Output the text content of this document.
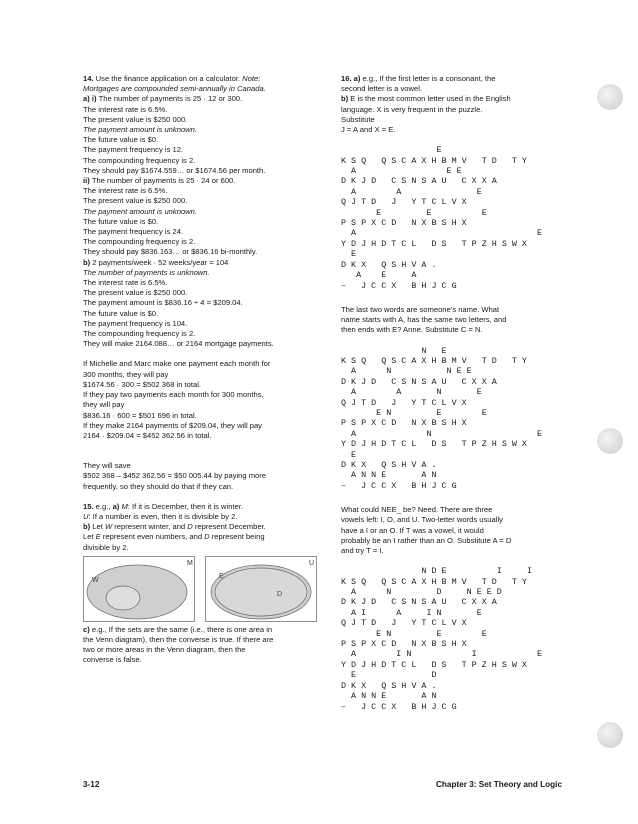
14. Use the finance application on a calculator. Note:
Mortgages are compounded semi-annually in Canada.
a) i) The number of payments is 25 · 12 or 300.
The interest rate is 6.5%.
The present value is $250 000.
The payment amount is unknown.
The future value is $0.
The payment frequency is 12.
The compounding frequency is 2.
They should pay $1674.559… or $1674.56 per month.
ii) The number of payments is 25 · 24 or 600.
The interest rate is 6.5%.
The present value is $250 000.
The payment amount is unknown.
The future value is $0.
The payment frequency is 24.
The compounding frequency is 2.
They should pay $836.163… or $836.16 bi-monthly.
b) 2 payments/week · 52 weeks/year = 104
The number of payments is unknown.
The interest rate is 6.5%.
The present value is $250 000.
The payment amount is $836.16 ÷ 4 = $209.04.
The future value is $0.
The payment frequency is 104.
The compounding frequency is 2.
They will make 2164.088… or 2164 mortgage payments.
If Michelle and Marc make one payment each month for
300 months, they will pay
$1674.56 · 300 = $502 368 in total.
If they pay two payments each month for 300 months,
they will pay
$836.16 · 600 = $501 696 in total.
If they make 2164 payments of $209.04, they will pay
2164 · $209.04 = $452 362.56 in total.
They will save
$502 368 – $452 362.56 = $50 005.44 by paying more
frequently, so they should do that if they can.
15. e.g., a) M: If it is December, then it is winter.
U: If a number is even, then it is divisible by 2.
b) Let W represent winter, and D represent December.
Let E represent even numbers, and D represent being
divisible by 2.
M
W
U
E
D
c) e.g., If the sets are the same (i.e., there is one area in
the Venn diagram), then the converse is true. If there are
two or more areas in the Venn diagram, then the
converse is false.
16. a) e.g., If the first letter is a consonant, the
second letter is a vowel.
b) E is the most common letter used in the English
language. X is very frequent in the puzzle.
Substitute
J = A and X = E.
E
K S Q   Q S C A X H B M V   T D   T Y
A                  E E
D K J D   C S N S A U   C X X A
A        A               E
Q J T D   J   Y T C L V X
E         E          E
P S P X C D   N X B S H X
A                                    E
Y D J H D T C L   D S   T P Z H S W X
E
D K X   Q S H V A .
A    E     A
–   J C C X   B H J C G
The last two words are someone’s name. What
name starts with A, has the same two letters, and
then ends with E? Anne. Substitute C = N.
N   E
K S Q   Q S C A X H B M V   T D   T Y
A      N           N E E
D K J D   C S N S A U   C X X A
A        A       N       E
Q J T D   J   Y T C L V X
E N         E        E
P S P X C D   N X B S H X
A              N                     E
Y D J H D T C L   D S   T P Z H S W X
E
D K X   Q S H V A .
A N N E       A N
–   J C C X   B H J C G
What could NEE_ be? Need. There are three
vowels left: I, O, and U. Two-letter words usually
have a I or an O. If T was a vowel, it would
probably be an I rather than an O. Substitute A = D
and try T = I.
N D E          I     I
K S Q   Q S C A X H B M V   T D   T Y
A      N         D     N E E D
D K J D   C S N S A U   C X X A
A I      A     I N       E
Q J T D   J   Y T C L V X
E N         E        E
P S P X C D   N X B S H X
A        I N            I            E
Y D J H D T C L   D S   T P Z H S W X
E               D
D K X   Q S H V A .
A N N E       A N
–   J C C X   B H J C G
3-12	Chapter 3: Set Theory and Logic
